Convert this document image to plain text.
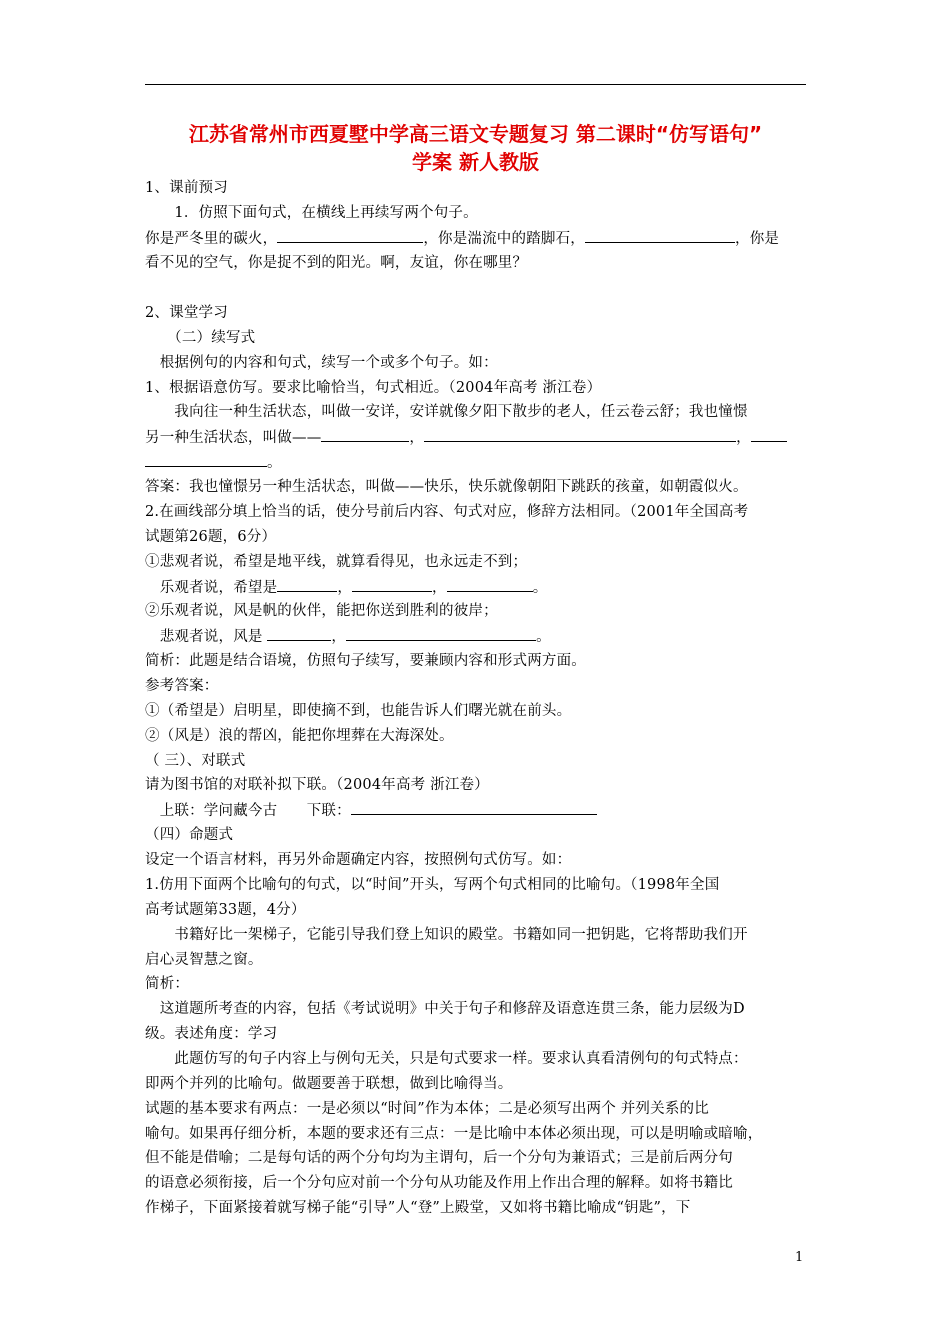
江苏省常州市西夏墅中学高三语文专题复习 第二课时“仿写语句”
学案 新人教版
1、课前预习
　　1．仿照下面句式，在横线上再续写两个句子。
你是严冬里的碳火，	，你是湍流中的踏脚石，	，你是
看不见的空气，你是捉不到的阳光。啊，友谊，你在哪里？
2、课堂学习
　　（二）续写式
　根据例句的内容和句式，续写一个或多个句子。如：
1、根据语意仿写。要求比喻恰当，句式相近。（2004年高考 浙江卷）
　　我向往一种生活状态，叫做一安详，安详就像夕阳下散步的老人，任云卷云舒；我也憧憬
另一种生活状态，叫做——	，	，
。
答案：我也憧憬另一种生活状态，叫做——快乐，快乐就像朝阳下跳跃的孩童，如朝霞似火。
2.在画线部分填上恰当的话，使分号前后内容、句式对应，修辞方法相同。（2001年全国高考
试题第26题，6分）
①悲观者说，希望是地平线，就算看得见，也永远走不到；
　乐观者说，希望是	，	，	。
②乐观者说，风是帆的伙伴，能把你送到胜利的彼岸；
　悲观者说，风是	，	。
简析：此题是结合语境，仿照句子续写，要兼顾内容和形式两方面。
参考答案：
①（希望是）启明星，即使摘不到，也能告诉人们曙光就在前头。
②（风是）浪的帮凶，能把你埋葬在大海深处。
（ 三）、对联式
请为图书馆的对联补拟下联。（2004年高考 浙江卷）
　上联：学问藏今古　　下联：
（四）命题式
设定一个语言材料，再另外命题确定内容，按照例句式仿写。如：
1.仿用下面两个比喻句的句式，以“时间”开头，写两个句式相同的比喻句。（1998年全国
高考试题第33题，4分）
　　书籍好比一架梯子，它能引导我们登上知识的殿堂。书籍如同一把钥匙，它将帮助我们开
启心灵智慧之窗。
简析：
　这道题所考查的内容，包括《考试说明》中关于句子和修辞及语意连贯三条，能力层级为D
级。表述角度：学习
　　此题仿写的句子内容上与例句无关，只是句式要求一样。要求认真看清例句的句式特点：
即两个并列的比喻句。做题要善于联想，做到比喻得当。
试题的基本要求有两点：一是必须以“时间”作为本体；二是必须写出两个 并列关系的比
喻句。如果再仔细分析，本题的要求还有三点：一是比喻中本体必须出现，可以是明喻或暗喻，
但不能是借喻；二是每句话的两个分句均为主谓句，后一个分句为兼语式；三是前后两分句
的语意必须衔接，后一个分句应对前一个分句从功能及作用上作出合理的解释。如将书籍比
作梯子，下面紧接着就写梯子能“引导”人“登”上殿堂，又如将书籍比喻成“钥匙”，下
1
